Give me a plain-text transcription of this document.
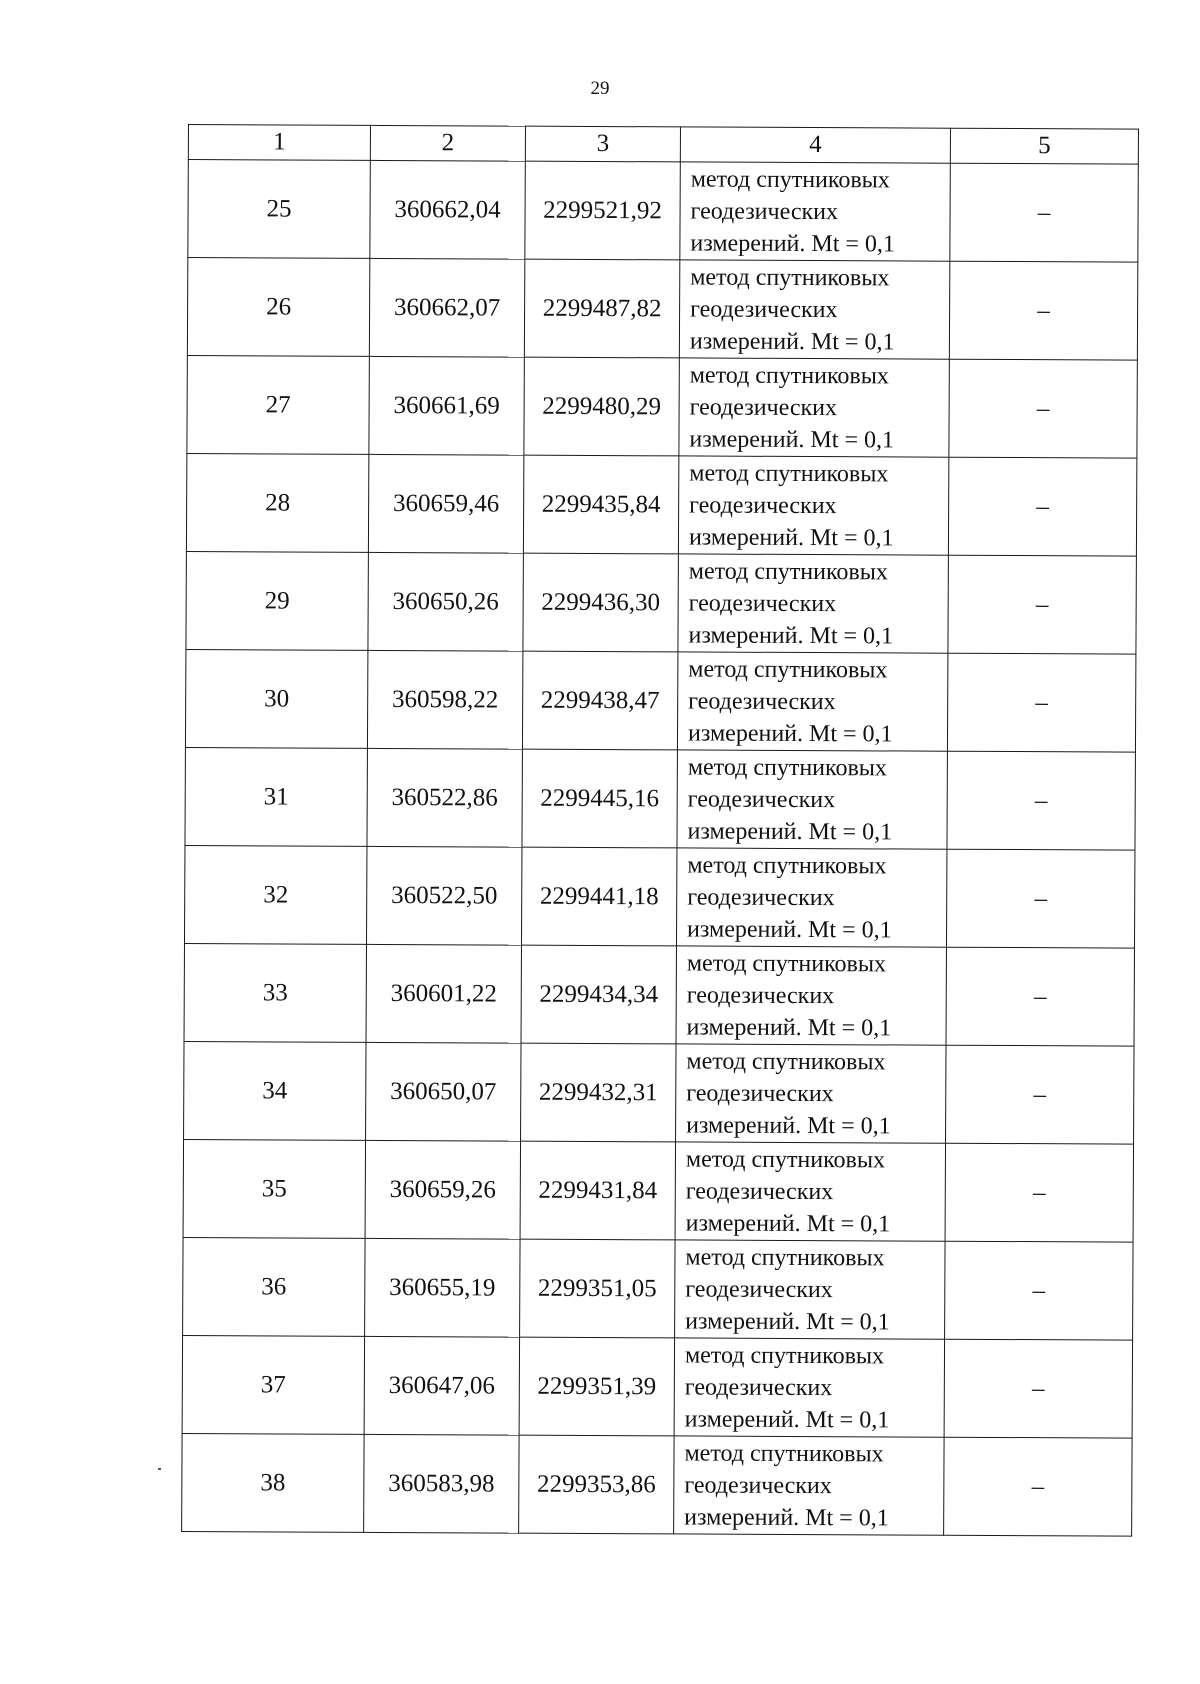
29
1	2	3	4	5
25	360662,04	2299521,92	метод спутниковых
геодезических
измерений. Mt = 0,1	–
26	360662,07	2299487,82	метод спутниковых
геодезических
измерений. Mt = 0,1	–
27	360661,69	2299480,29	метод спутниковых
геодезических
измерений. Mt = 0,1	–
28	360659,46	2299435,84	метод спутниковых
геодезических
измерений. Mt = 0,1	–
29	360650,26	2299436,30	метод спутниковых
геодезических
измерений. Mt = 0,1	–
30	360598,22	2299438,47	метод спутниковых
геодезических
измерений. Mt = 0,1	–
31	360522,86	2299445,16	метод спутниковых
геодезических
измерений. Mt = 0,1	–
32	360522,50	2299441,18	метод спутниковых
геодезических
измерений. Mt = 0,1	–
33	360601,22	2299434,34	метод спутниковых
геодезических
измерений. Mt = 0,1	–
34	360650,07	2299432,31	метод спутниковых
геодезических
измерений. Mt = 0,1	–
35	360659,26	2299431,84	метод спутниковых
геодезических
измерений. Mt = 0,1	–
36	360655,19	2299351,05	метод спутниковых
геодезических
измерений. Mt = 0,1	–
37	360647,06	2299351,39	метод спутниковых
геодезических
измерений. Mt = 0,1	–
38	360583,98	2299353,86	метод спутниковых
геодезических
измерений. Mt = 0,1	–
